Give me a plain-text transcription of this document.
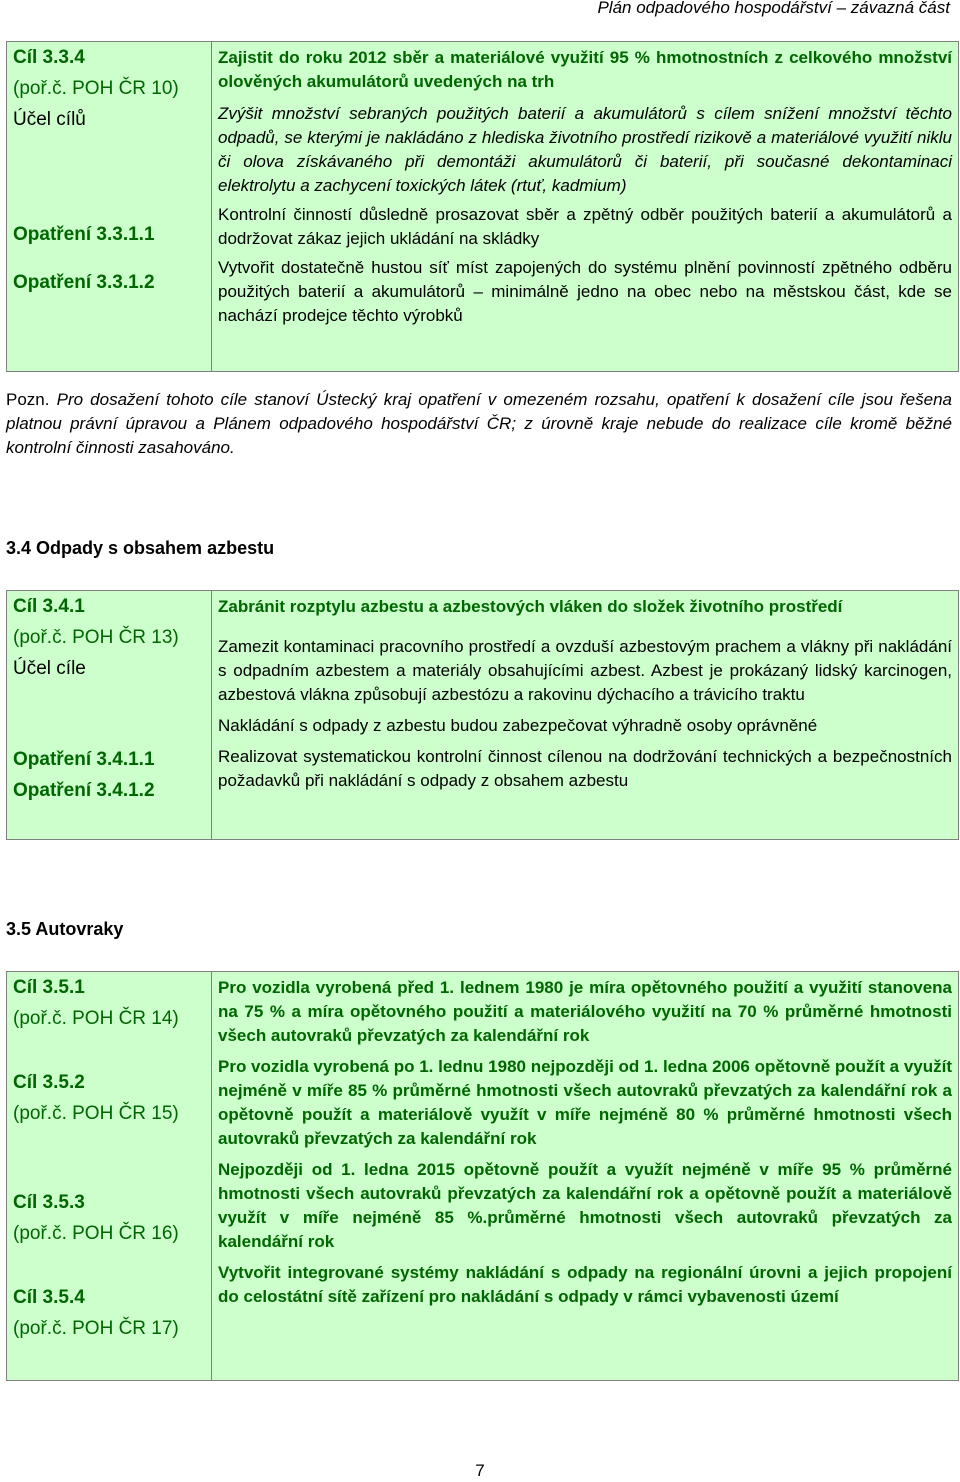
Plán odpadového hospodářství – závazná část
Cíl 3.3.4
(poř.č. POH ČR 10)
Účel cílů
Opatření 3.3.1.1
Opatření 3.3.1.2

Zajistit do roku 2012 sběr a materiálové využití 95 % hmotnostních z celkového množství olověných akumulátorů uvedených na trh
Zvýšit množství sebraných použitých baterií a akumulátorů s cílem snížení množství těchto odpadů, se kterými je nakládáno z hlediska životního prostředí rizikově a materiálové využití niklu či olova získávaného při demontáži akumulátorů či baterií, při současné dekontaminaci elektrolytu a zachycení toxických látek (rtuť, kadmium)
Kontrolní činností důsledně prosazovat sběr a zpětný odběr použitých baterií a akumulátorů a dodržovat zákaz jejich ukládání na skládky
Vytvořit dostatečně hustou síť míst zapojených do systému plnění povinností zpětného odběru použitých baterií a akumulátorů – minimálně jedno na obec nebo na městskou část, kde se nachází prodejce těchto výrobků
Pozn. Pro dosažení tohoto cíle stanoví Ústecký kraj opatření v omezeném rozsahu, opatření k dosažení cíle jsou řešena platnou právní úpravou a Plánem odpadového hospodářství ČR; z úrovně kraje nebude do realizace cíle kromě běžné kontrolní činnosti zasahováno.
3.4 Odpady s obsahem azbestu
Cíl 3.4.1
(poř.č. POH ČR 13)
Účel cíle
Opatření 3.4.1.1
Opatření 3.4.1.2

Zabránit rozptylu azbestu a azbestových vláken do složek životního prostředí
Zamezit kontaminaci pracovního prostředí a ovzduší azbestovým prachem a vlákny při nakládání s odpadním azbestem a materiály obsahujícími azbest. Azbest je prokázaný lidský karcinogen, azbestová vlákna způsobují azbestózu a rakovinu dýchacího a trávicího traktu
Nakládání s odpady z azbestu budou zabezpečovat výhradně osoby oprávněné
Realizovat systematickou kontrolní činnost cílenou na dodržování technických a bezpečnostních požadavků při nakládání s odpady z obsahem azbestu
3.5 Autovraky
Cíl 3.5.1
(poř.č. POH ČR 14)
Cíl 3.5.2
(poř.č. POH ČR 15)
Cíl 3.5.3
(poř.č. POH ČR 16)
Cíl 3.5.4
(poř.č. POH ČR 17)

Pro vozidla vyrobená před 1. lednem 1980 je míra opětovného použití a využití stanovena na 75 % a míra opětovného použití a materiálového využití na 70 % průměrné hmotnosti všech autovraků převzatých za kalendářní rok
Pro vozidla vyrobená po 1. lednu 1980 nejpozději od 1. ledna 2006 opětovně použít a využít nejméně v míře 85 % průměrné hmotnosti všech autovraků převzatých za kalendářní rok a opětovně použít a materiálově využít v míře nejméně 80 % průměrné hmotnosti všech autovraků převzatých za kalendářní rok
Nejpozději od 1. ledna 2015 opětovně použít a využít nejméně v míře 95 % průměrné hmotnosti všech autovraků převzatých za kalendářní rok a opětovně použít a materiálově využít v míře nejméně 85 %.průměrné hmotnosti všech autovraků převzatých za kalendářní rok
Vytvořit integrované systémy nakládání s odpady na regionální úrovni a jejich propojení do celostátní sítě zařízení pro nakládání s odpady v rámci vybavenosti území
7
